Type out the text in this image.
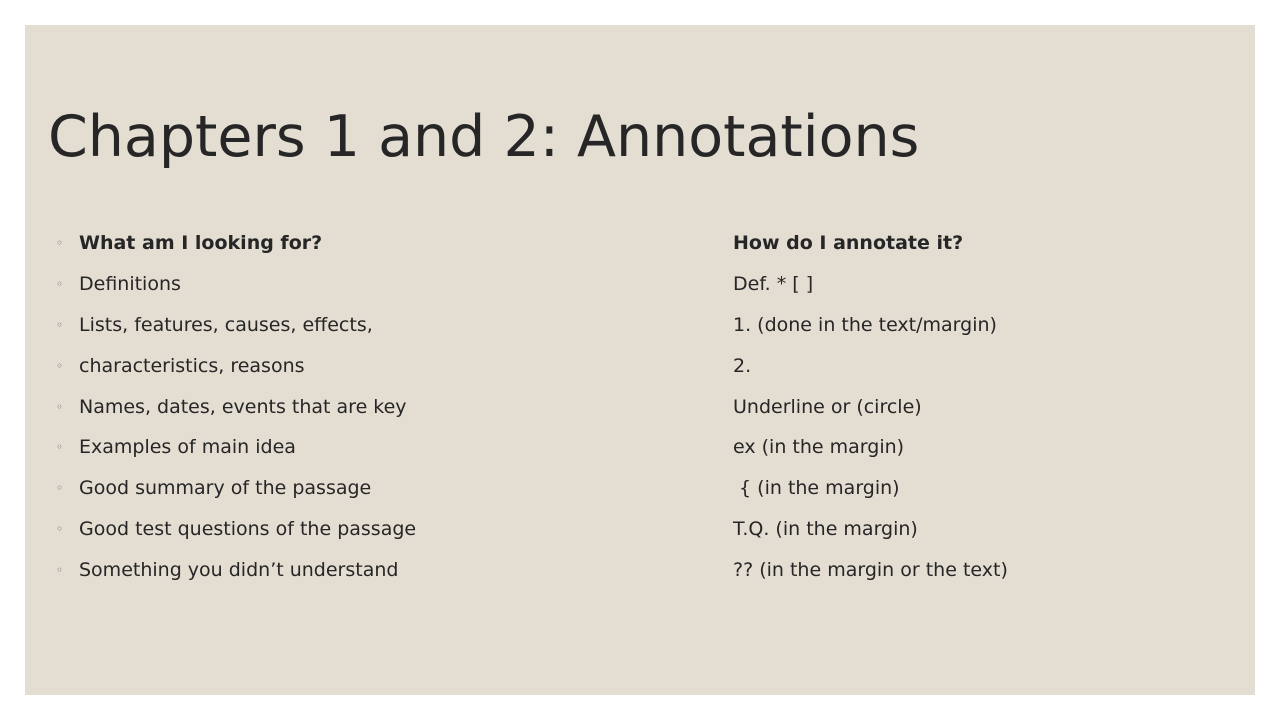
Chapters 1 and 2: Annotations
◦ What am I looking for?	How do I annotate it?
◦ Definitions	Def. * [ ]
◦ Lists, features, causes, effects,	1. (done in the text/margin)
◦ characteristics, reasons	2.
◦ Names, dates, events that are key	Underline or (circle)
◦ Examples of main idea	ex (in the margin)
◦ Good summary of the passage	{ (in the margin)
◦ Good test questions of the passage	T.Q. (in the margin)
◦ Something you didn’t understand	?? (in the margin or the text)
